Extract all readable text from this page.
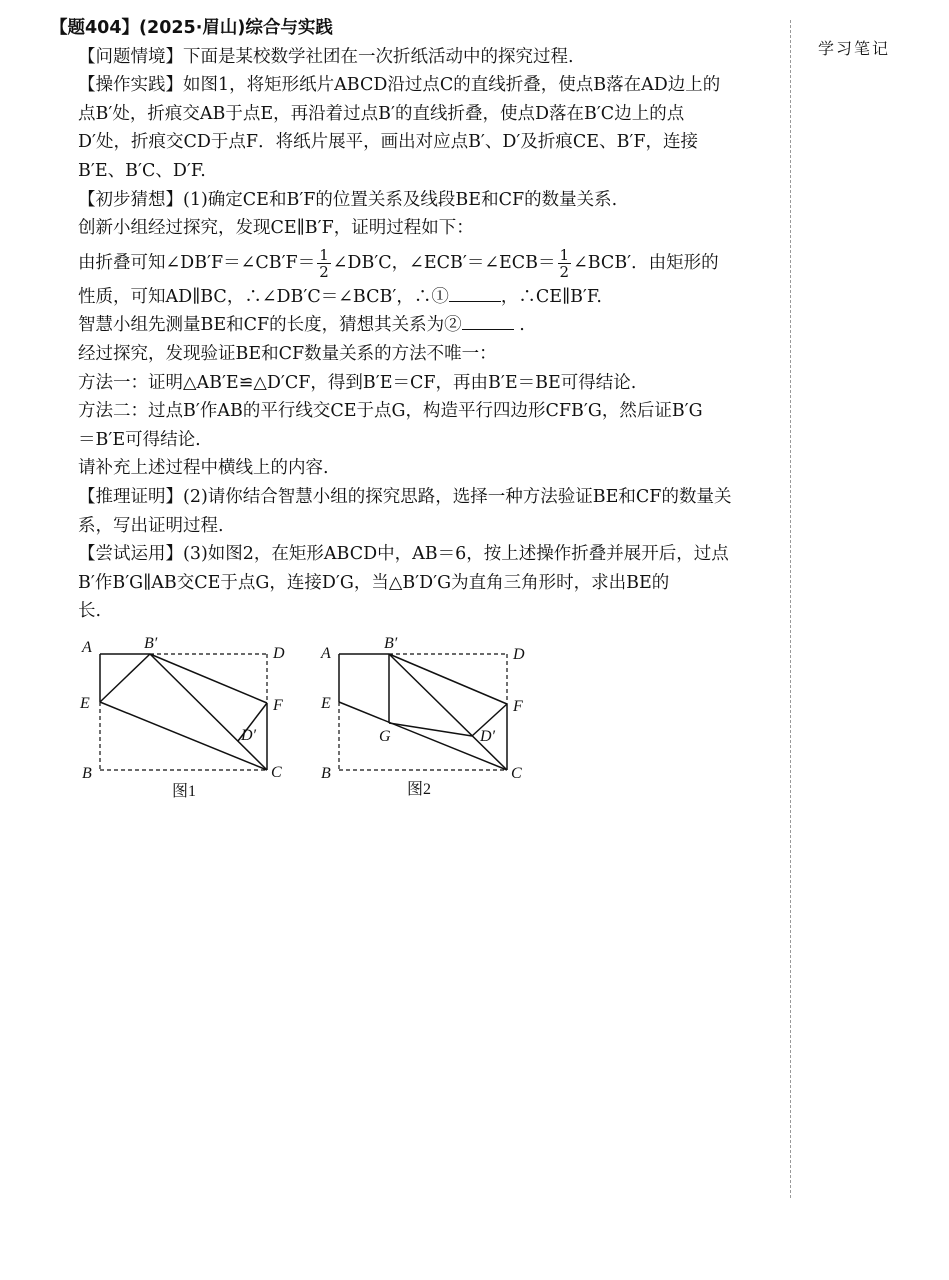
【题404】(2025·眉山)综合与实践
【问题情境】下面是某校数学社团在一次折纸活动中的探究过程.
【操作实践】如图1，将矩形纸片ABCD沿过点C的直线折叠，使点B落在AD边上的
点B′处，折痕交AB于点E，再沿着过点B′的直线折叠，使点D落在B′C边上的点
D′处，折痕交CD于点F．将纸片展平，画出对应点B′、D′及折痕CE、B′F，连接
B′E、B′C、D′F.
【初步猜想】(1)确定CE和B′F的位置关系及线段BE和CF的数量关系.
创新小组经过探究，发现CE∥B′F，证明过程如下：
由折叠可知∠DB′F＝∠CB′F＝ $\frac{1}{2}$ ∠DB′C，∠ECB′＝∠ECB＝ $\frac{1}{2}$ ∠BCB′．由矩形的
性质，可知AD∥BC，∴∠DB′C＝∠BCB′，∴①	，∴CE∥B′F.
智慧小组先测量BE和CF的长度，猜想其关系为②	.
经过探究，发现验证BE和CF数量关系的方法不唯一：
方法一：证明△AB′E≌△D′CF，得到B′E＝CF，再由B′E＝BE可得结论.
方法二：过点B′作AB的平行线交CE于点G，构造平行四边形CFB′G，然后证B′G
＝B′E可得结论.
请补充上述过程中横线上的内容.
【推理证明】(2)请你结合智慧小组的探究思路，选择一种方法验证BE和CF的数量关
系，写出证明过程.
【尝试运用】(3)如图2，在矩形ABCD中，AB＝6，按上述操作折叠并展开后，过点
B′作B′G∥AB交CE于点G，连接D′G，当△B′D′G为直角三角形时，求出BE的
长.
学习笔记
A	B′
D
E	F
D′
B	C
图1
A
B′
D
E	F
G	D′
B	C
图2
